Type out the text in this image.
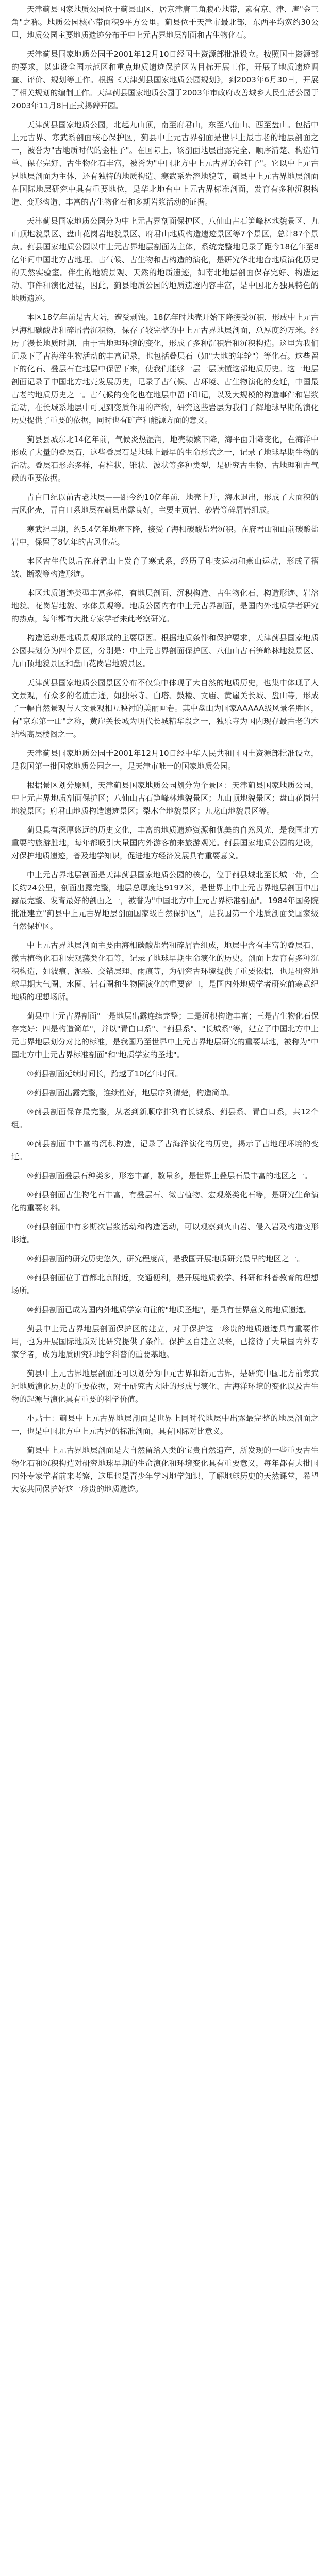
天津蓟县国家地质公园位于蓟县山区，居京津唐三角腹心地带，素有京、津、唐"金三角"之称。地质公园核心带面积9平方公里。蓟县位于天津市最北部，东西平均宽约30公里，地质公园主要地质遗迹分布于中上元古界地层剖面和古生物化石。

天津蓟县国家地质公园于2001年12月10日经国土资源部批准设立。按照国土资源部的要求，以建设全国示范区和重点地质遗迹保护区为目标开展工作，开展了地质遗迹调查、评价、规划等工作。根据《天津蓟县国家地质公园规划》，到2003年6月30日，开展了相关规划的编制工作。天津蓟县国家地质公园于2003年市政府改善城乡人民生活公园于2003年11月8日正式揭碑开园。

天津蓟县国家地质公园，北起九山顶，南至府君山，东至八仙山、西至盘山。包括中上元古界、寒武系剖面核心保护区，蓟县中上元古界剖面是世界上最古老的地层剖面之一，被誉为"古地质时代的金柱子"。在国际上，该剖面地层出露完全、顺序清楚、构造简单、保存完好、古生物化石丰富，被誉为"中国北方中上元古界的金钉子"。它以中上元古界地层剖面为主体，还有独特的地质构造、寒武系岩溶地貌等，蓟县中上元古界地层剖面在国际地层研究中具有重要地位，是华北地台中上元古界标准剖面，发育有多种沉积构造、变形构造、丰富的古生物化石和多期岩浆活动的证据。

天津蓟县国家地质公园分为中上元古界剖面保护区、八仙山古石笋峰林地貌景区、九山顶地貌景区、盘山花岗岩地貌景区、府君山地质构造遗迹景区等7个景区，总计87个景点。蓟县国家地质公园以中上元古界地层剖面为主体，系统完整地记录了距今18亿年至8亿年间中国北方古地理、古气候、古生物和古构造的演化，是研究华北地台地质演化历史的天然实验室。伴生的地貌景观、天然的地质遗迹，如南北地层剖面保存完好、构造运动、事件和演化过程，因此，蓟县地质公园的地质遗迹内容丰富，是中国北方独具特色的地质遗迹。

本区18亿年前是古大陆，遭受剥蚀。18亿年时地壳开始下降接受沉积，形成中上元古界海相碳酸盐和碎屑岩沉积物，保存了较完整的中上元古界地层剖面，总厚度约万米。经历了漫长地质时期，由于古地理环境的变化，形成了多种沉积岩和沉积构造。这里为我们记录下了古海洋生物活动的丰富记录，也包括叠层石（如"大地的年轮"）等化石。这些留下的化石、叠层石在地层中保留下来，使我们能够一层一层读懂这部地质历史。这一地层剖面记录了中国北方地壳发展历史，记录了古气候、古环境、古生物演化的变迁，中国最古老的地质历史之一。古气候的变化也在地层中留下印记，以及大规模的构造事件和岩浆活动，在长城系地层中可见到变质作用的产物，研究这些岩层为我们了解地球早期的演化历史提供了重要的依据，同时也有矿产和能源方面的意义。

蓟县县城东北14亿年前，气候炎热湿润，地壳频繁下降，海平面升降变化，在海洋中形成了大量的叠层石，这些叠层石是地球上最早的生命形式之一，记录了地球早期生物的活动。叠层石形态多样，有柱状、锥状、波状等多种类型，是研究古生物、古地理和古气候的重要依据。

青白口纪以前古老地层——距今约10亿年前，地壳上升，海水退出，形成了大面积的古风化壳，青白口系地层在蓟县出露良好，主要由页岩、砂岩等碎屑岩组成。

寒武纪早期，约5.4亿年地壳下降，接受了海相碳酸盐岩沉积。在府君山和山前碳酸盐岩中，保留了8亿年的古风化壳。

本区古生代以后在府君山上发育了寒武系，经历了印支运动和燕山运动，形成了褶皱、断裂等构造形迹。

本区地质遗迹类型丰富多样，有地层剖面、沉积构造、古生物化石、构造形迹、岩溶地貌、花岗岩地貌、水体景观等。地质公园内有中上元古界剖面，是国内外地质学者研究的热点，每年都有大批专家学者来此考察研究。

构造运动是地质景观形成的主要原因。根据地质条件和保护要求，天津蓟县国家地质公园共划分为四个景区，分别是：中上元古界剖面保护区、八仙山古石笋峰林地貌景区、九山顶地貌景区和盘山花岗岩地貌景区。

天津蓟县国家地质公园景区分布不仅集中体现了大自然的地质历史，也集中体现了人文景观，有众多的名胜古迹，如独乐寺、白塔、鼓楼、文庙、黄崖关长城、盘山等，形成了一幅自然景观与人文景观相互映衬的美丽画卷。其中盘山为国家AAAAA级风景名胜区，有"京东第一山"之称，黄崖关长城为明代长城精华段之一，独乐寺为国内现存最古老的木结构高层楼阁之一。

天津蓟县国家地质公园于2001年12月10日经中华人民共和国国土资源部批准设立，是我国第一批国家地质公园之一，是天津市唯一的国家地质公园。

根据景区划分原则，天津蓟县国家地质公园划分为个景区：天津蓟县国家地质公园，中上元古界地质剖面保护区；八仙山古石笋峰林地貌景区；九山顶地貌景区；盘山花岗岩地貌景区；府君山地质构造遗迹景区；梨木台地貌景区；九龙山地貌景区等。

蓟县具有深厚悠远的历史文化，丰富的地质遗迹资源和优美的自然风光，是我国北方重要的旅游胜地，每年都吸引大量国内外游客前来旅游观光。蓟县国家地质公园的建设，对保护地质遗迹，普及地学知识，促进地方经济发展具有重要意义。

中上元古界地层剖面是天津蓟县国家地质公园的核心，位于蓟县城北至长城一带，全长约24公里，剖面出露完整，地层总厚度达9197米，是世界上中上元古界地层剖面中出露最完整、发育最好的剖面之一，被誉为"中国北方中上元古界标准剖面"。1984年国务院批准建立"蓟县中上元古界地层剖面国家级自然保护区"，是我国第一个地质剖面类国家级自然保护区。

中上元古界地层剖面主要由海相碳酸盐岩和碎屑岩组成，地层中含有丰富的叠层石、微古植物化石和宏观藻类化石等，记录了地球早期生命演化的历史。剖面上发育有多种沉积构造，如波痕、泥裂、交错层理、雨痕等，为研究古环境提供了重要依据，也是研究地球早期大气圈、水圈、岩石圈和生物圈演化的重要窗口，是国内外地质学者研究前寒武纪地质的理想场所。

蓟县中上元古界剖面"一是地层出露连续完整；二是沉积构造丰富；三是古生物化石保存完好；四是构造简单"，并以"青白口系"、"蓟县系"、"长城系"等，建立了中国北方中上元古界地层划分对比的标准，是我国乃至世界中上元古界地层研究的重要基地，被称为"中国北方中上元古界标准剖面"和"地质学家的圣地"。

①蓟县剖面延续时间长，跨越了10亿年时间。

②蓟县剖面出露完整，连续性好，地层序列清楚，构造简单。

③蓟县剖面保存最完整，从老到新顺序排列有长城系、蓟县系、青白口系，共12个组。

④蓟县剖面中丰富的沉积构造，记录了古海洋演化的历史，揭示了古地理环境的变迁。

⑤蓟县剖面叠层石种类多，形态丰富，数量多，是世界上叠层石最丰富的地区之一。

⑥蓟县剖面古生物化石丰富，有叠层石、微古植物、宏观藻类化石等，是研究生命演化的重要材料。

⑦蓟县剖面中有多期次岩浆活动和构造运动，可以观察到火山岩、侵入岩及构造变形形迹。

⑧蓟县剖面的研究历史悠久，研究程度高，是我国开展地质研究最早的地区之一。

⑨蓟县剖面位于首都北京附近，交通便利，是开展地质教学、科研和科普教育的理想场所。

⑩蓟县剖面已成为国内外地质学家向往的"地质圣地"，是具有世界意义的地质遗迹。

蓟县中上元古界地层剖面保护区的建立，对于保护这一珍贵的地质遗迹具有重要作用，也为开展国际地质对比研究提供了条件。保护区自建立以来，已接待了大量国内外专家学者，成为地质研究和地学科普的重要基地。

蓟县中上元古界地层剖面还可以划分为中元古界和新元古界，是研究中国北方前寒武纪地质演化历史的重要依据，对于研究古大陆的形成与演化、古海洋环境的变化以及古生物的起源与演化具有重要的科学价值。

小贴士：蓟县中上元古界地层剖面是世界上同时代地层中出露最完整的地层剖面之一，也是中国北方中上元古界的标准剖面，具有国际对比意义。

蓟县中上元古界地层剖面是大自然留给人类的宝贵自然遗产，所发现的一些重要古生物化石和沉积构造对研究地球早期的生命演化和环境变化具有重要意义，每年都有大批国内外专家学者前来考察，这里也是青少年学习地学知识、了解地球历史的天然课堂，希望大家共同保护好这一珍贵的地质遗迹。
